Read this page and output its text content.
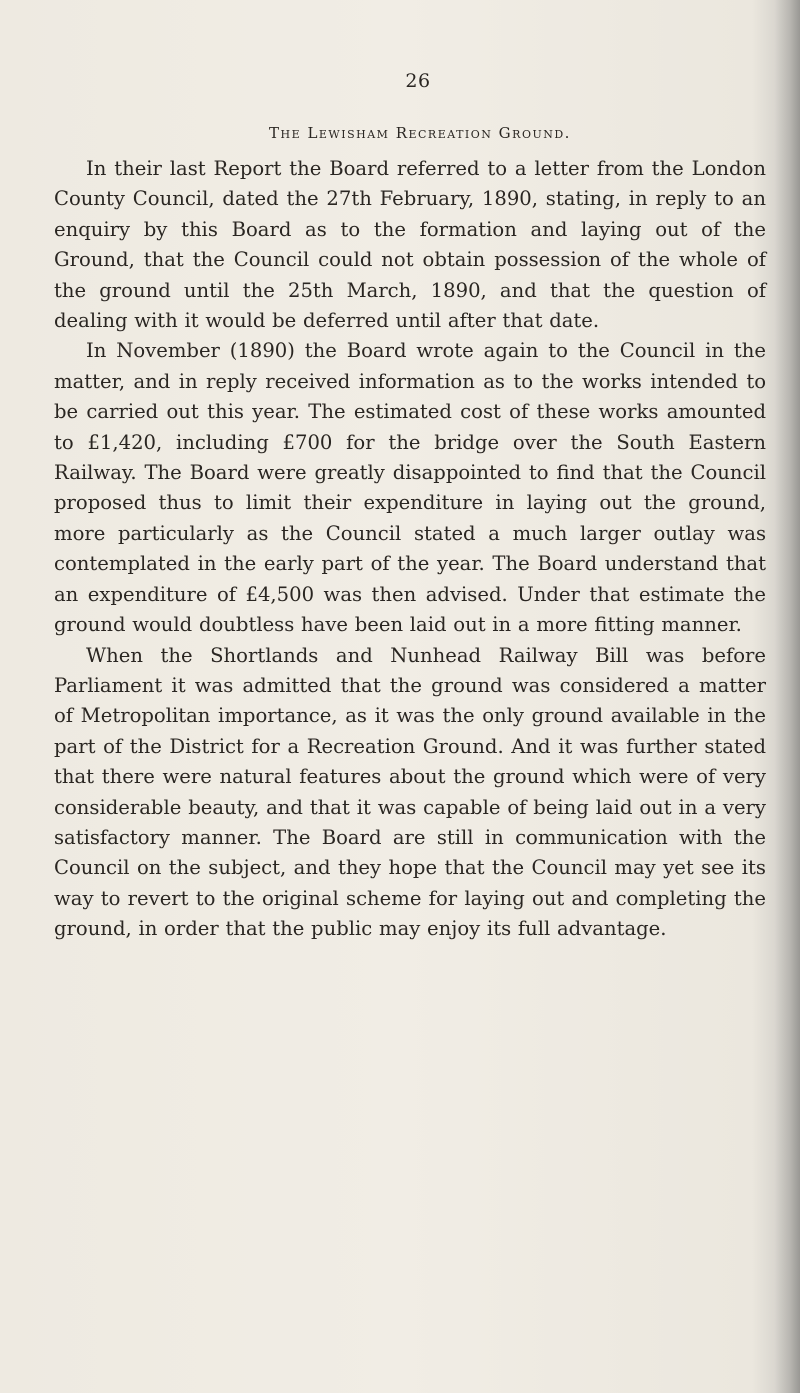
26
The Lewisham Recreation Ground.

In their last Report the Board referred to a letter from the London County Council, dated the 27th February, 1890, stating, in reply to an enquiry by this Board as to the formation and laying out of the Ground, that the Council could not obtain possession of the whole of the ground until the 25th March, 1890, and that the question of dealing with it would be deferred until after that date.

In November (1890) the Board wrote again to the Council in the matter, and in reply received information as to the works intended to be carried out this year. The estimated cost of these works amounted to £1,420, including £700 for the bridge over the South Eastern Railway. The Board were greatly disappointed to find that the Council proposed thus to limit their expenditure in laying out the ground, more particularly as the Council stated a much larger outlay was contemplated in the early part of the year. The Board understand that an expenditure of £4,500 was then advised. Under that estimate the ground would doubtless have been laid out in a more fitting manner.

When the Shortlands and Nunhead Railway Bill was before Parliament it was admitted that the ground was considered a matter of Metropolitan importance, as it was the only ground available in the part of the District for a Recreation Ground. And it was further stated that there were natural features about the ground which were of very considerable beauty, and that it was capable of being laid out in a very satisfactory manner. The Board are still in communication with the Council on the subject, and they hope that the Council may yet see its way to revert to the original scheme for laying out and completing the ground, in order that the public may enjoy its full advantage.
